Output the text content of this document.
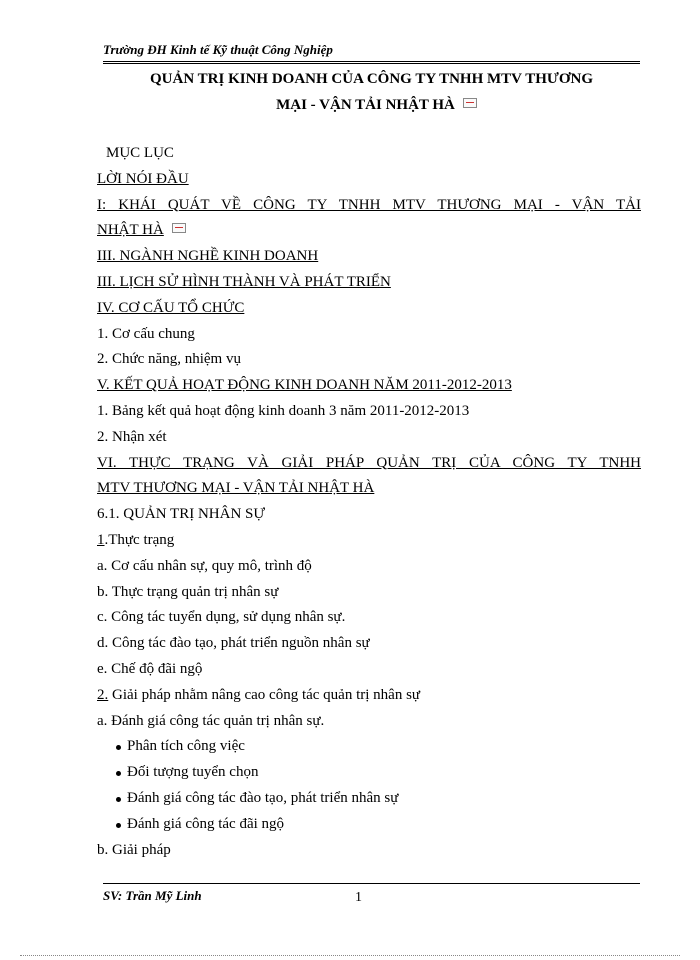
Trường ĐH Kinh tế Kỹ thuật Công Nghiệp
QUẢN TRỊ KINH DOANH CỦA CÔNG TY TNHH MTV THƯƠNG
MẠI - VẬN TẢI NHẬT HÀ
MỤC LỤC
LỜI NÓI ĐẦU
I: KHÁI QUÁT VỀ CÔNG TY TNHH MTV THƯƠNG MẠI - VẬN TẢI
NHẬT HÀ
III. NGÀNH NGHỀ KINH DOANH
III. LỊCH SỬ HÌNH THÀNH VÀ PHÁT TRIỂN
IV. CƠ CẤU TỔ CHỨC
1. Cơ cấu chung
2. Chức năng, nhiệm vụ
V. KẾT QUẢ HOẠT ĐỘNG KINH DOANH NĂM 2011-2012-2013
1. Bảng kết quả hoạt động kinh doanh 3 năm 2011-2012-2013
2. Nhận xét
VI. THỰC TRẠNG VÀ GIẢI PHÁP QUẢN TRỊ CỦA CÔNG TY TNHH
MTV THƯƠNG MẠI - VẬN TẢI NHẬT HÀ
6.1. QUẢN TRỊ NHÂN SỰ
1.Thực trạng
a. Cơ cấu nhân sự, quy mô, trình độ
b. Thực trạng quản trị nhân sự
c. Công tác tuyển dụng, sử dụng nhân sự.
d. Công tác đào tạo, phát triển nguồn nhân sự
e. Chế độ đãi ngộ
2. Giải pháp nhằm nâng cao công tác quản trị nhân sự
a. Đánh giá công tác quản trị nhân sự.
Phân tích công việc
Đối tượng tuyển chọn
Đánh giá công tác đào tạo, phát triển nhân sự
Đánh giá công tác đãi ngộ
b. Giải pháp
SV: Trần Mỹ Linh	1
